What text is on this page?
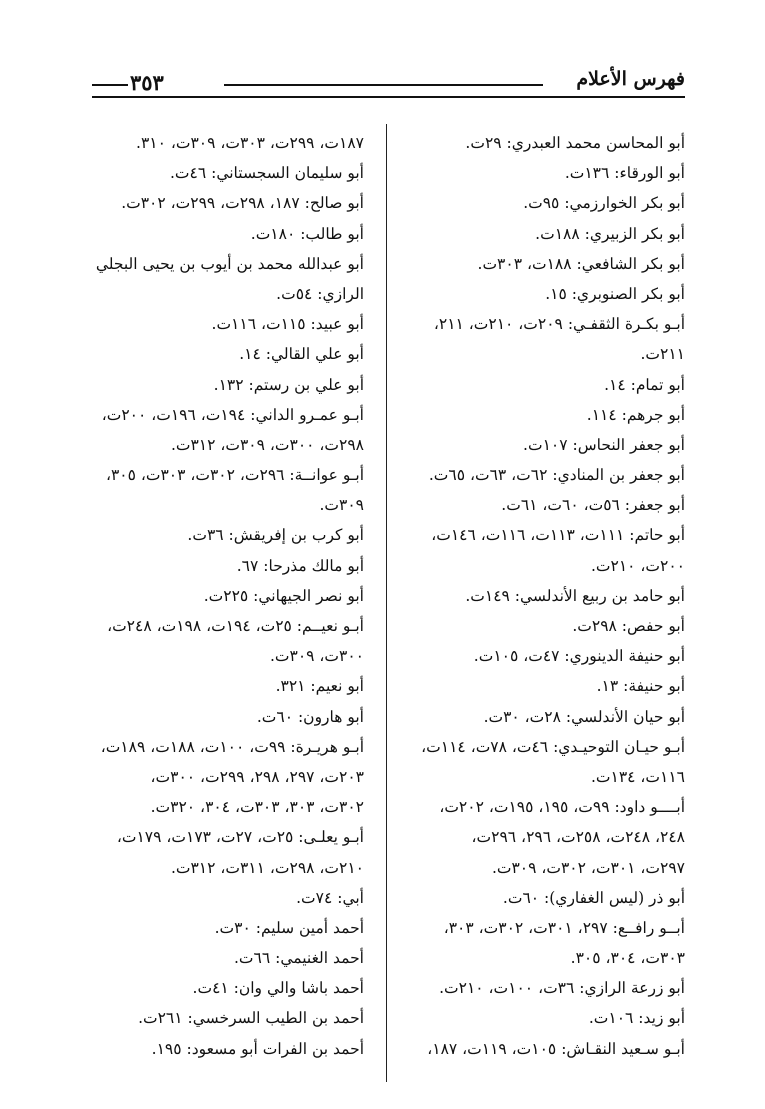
فهرس الأعلام
٣٥٣
أبو المحاسن محمد العبدري: ٢٩ت.
أبو الورقاء: ١٣٦ت.
أبو بكر الخوارزمي: ٩٥ت.
أبو بكر الزبيري: ١٨٨ت.
أبو بكر الشافعي: ١٨٨ت، ٣٠٣ت.
أبو بكر الصنوبري: ١٥.
أبـو بكـرة الثقفـي: ٢٠٩ت، ٢١٠ت، ٢١١،
٢١١ت.
أبو تمام: ١٤.
أبو جرهم: ١١٤.
أبو جعفر النحاس: ١٠٧ت.
أبو جعفر بن المنادي: ٦٢ت، ٦٣ت، ٦٥ت.
أبو جعفر: ٥٦ت، ٦٠ت، ٦١ت.
أبو حاتم: ١١١ت، ١١٣ت، ١١٦ت، ١٤٦ت،
٢٠٠ت، ٢١٠ت.
أبو حامد بن ربيع الأندلسي: ١٤٩ت.
أبو حفص: ٢٩٨ت.
أبو حنيفة الدينوري: ٤٧ت، ١٠٥ت.
أبو حنيفة: ١٣.
أبو حيان الأندلسي: ٢٨ت، ٣٠ت.
أبـو حيـان التوحيـدي: ٤٦ت، ٧٨ت، ١١٤ت،
١١٦ت، ١٣٤ت.
أبــــو داود: ٩٩ت، ١٩٥، ١٩٥ت، ٢٠٢ت،
٢٤٨، ٢٤٨ت، ٢٥٨ت، ٢٩٦، ٢٩٦ت،
٢٩٧ت، ٣٠١ت، ٣٠٢ت، ٣٠٩ت.
أبو ذر (ليس الغفاري): ٦٠ت.
أبــو رافــع: ٢٩٧، ٣٠١ت، ٣٠٢ت، ٣٠٣،
٣٠٣ت، ٣٠٤، ٣٠٥.
أبو زرعة الرازي: ٣٦ت، ١٠٠ت، ٢١٠ت.
أبو زيد: ١٠٦ت.
أبـو سـعيد النقـاش: ١٠٥ت، ١١٩ت، ١٨٧،
١٨٧ت، ٢٩٩ت، ٣٠٣ت، ٣٠٩ت، ٣١٠.
أبو سليمان السجستاني: ٤٦ت.
أبو صالح: ١٨٧، ٢٩٨ت، ٢٩٩ت، ٣٠٢ت.
أبو طالب: ١٨٠ت.
أبو عبدالله محمد بن أيوب بن يحيى البجلي
الرازي: ٥٤ت.
أبو عبيد: ١١٥ت، ١١٦ت.
أبو علي القالي: ١٤.
أبو علي بن رستم: ١٣٢.
أبـو عمـرو الداني: ١٩٤ت، ١٩٦ت، ٢٠٠ت،
٢٩٨ت، ٣٠٠ت، ٣٠٩ت، ٣١٢ت.
أبـو عوانــة: ٢٩٦ت، ٣٠٢ت، ٣٠٣ت، ٣٠٥،
٣٠٩ت.
أبو كرب بن إفريقش: ٣٦ت.
أبو مالك مذرحا: ٦٧.
أبو نصر الجيهاني: ٢٢٥ت.
أبـو نعيــم: ٢٥ت، ١٩٤ت، ١٩٨ت، ٢٤٨ت،
٣٠٠ت، ٣٠٩ت.
أبو نعيم: ٣٢١.
أبو هارون: ٦٠ت.
أبـو هريـرة: ٩٩ت، ١٠٠ت، ١٨٨ت، ١٨٩ت،
٢٠٣ت، ٢٩٧، ٢٩٨، ٢٩٩ت، ٣٠٠ت،
٣٠٢ت، ٣٠٣، ٣٠٣ت، ٣٠٤، ٣٢٠ت.
أبـو يعلـى: ٢٥ت، ٢٧ت، ١٧٣ت، ١٧٩ت،
٢١٠ت، ٢٩٨ت، ٣١١ت، ٣١٢ت.
أبي: ٧٤ت.
أحمد أمين سليم: ٣٠ت.
أحمد الغنيمي: ٦٦ت.
أحمد باشا والي وان: ٤١ت.
أحمد بن الطيب السرخسي: ٢٦١ت.
أحمد بن الفرات أبو مسعود: ١٩٥.
